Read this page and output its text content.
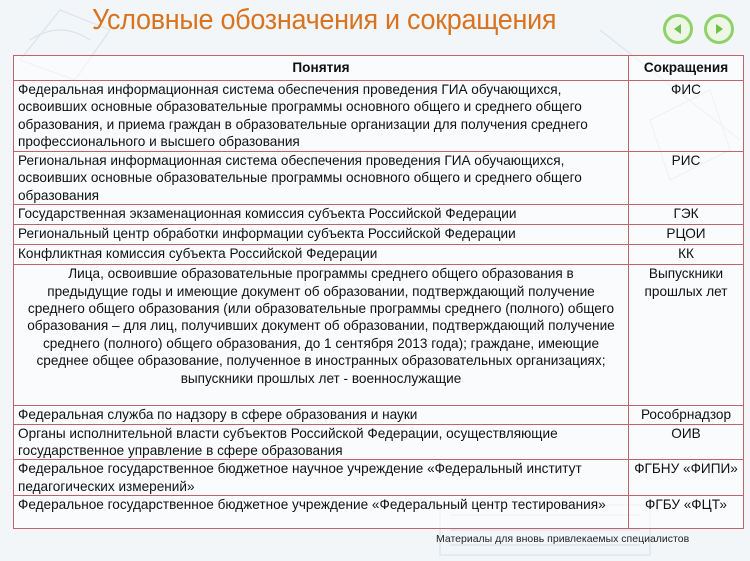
Условные обозначения и сокращения
Понятия	Сокращения
Федеральная информационная система обеспечения проведения ГИА обучающихся, освоивших основные образовательные программы основного общего и среднего общего образования, и приема граждан в образовательные организации для получения среднего профессионального и высшего образования	ФИС
Региональная информационная система обеспечения проведения ГИА обучающихся, освоивших основные образовательные программы основного общего и среднего общего образования	РИС
Государственная экзаменационная комиссия субъекта Российской Федерации	ГЭК
Региональный центр обработки информации субъекта Российской Федерации	РЦОИ
Конфликтная комиссия субъекта Российской Федерации	КК
Лица, освоившие образовательные программы среднего общего образования в предыдущие годы и имеющие документ об образовании, подтверждающий получение среднего общего образования (или образовательные программы среднего (полного) общего образования – для лиц, получивших документ об образовании, подтверждающий получение среднего (полного) общего образования, до 1 сентября 2013 года); граждане, имеющие среднее общее образование, полученное в иностранных образовательных организациях; выпускники прошлых лет - военнослужащие	Выпускники прошлых лет
Федеральная служба по надзору в сфере образования и науки	Рособрнадзор
Органы исполнительной власти субъектов Российской Федерации, осуществляющие государственное управление в сфере образования	ОИВ
Федеральное государственное бюджетное научное учреждение «Федеральный институт педагогических измерений»	ФГБНУ «ФИПИ»
Федеральное государственное бюджетное учреждение «Федеральный центр тестирования»	ФГБУ «ФЦТ»
Материалы для вновь привлекаемых специалистов
